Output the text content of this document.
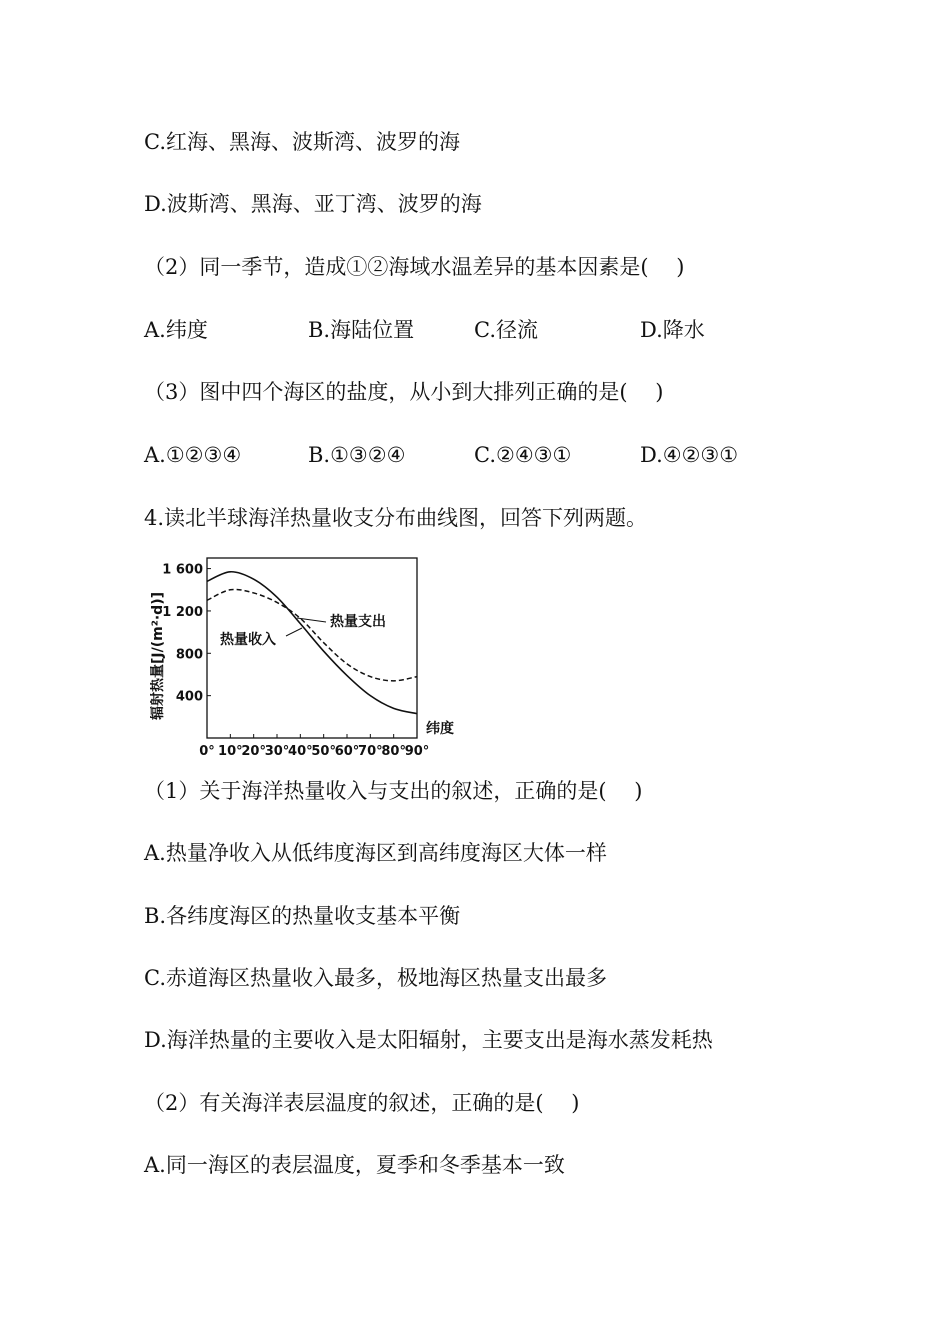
C.红海、黑海、波斯湾、波罗的海
D.波斯湾、黑海、亚丁湾、波罗的海
（2）同一季节，造成①②海域水温差异的基本因素是(　 )
A.纬度	B.海陆位置	C.径流	D.降水
（3）图中四个海区的盐度，从小到大排列正确的是(　 )
A.①②③④	B.①③②④	C.②④③①	D.④②③①
4.读北半球海洋热量收支分布曲线图，回答下列两题。
辐射热量[J/(m²·d)]
1 600
1 200
800
400
0° 10°
20°
30°
40°
50°
60°
70°
80°
90°
热量支出
热量收入
纬度
（1）关于海洋热量收入与支出的叙述，正确的是(　 )
A.热量净收入从低纬度海区到高纬度海区大体一样
B.各纬度海区的热量收支基本平衡
C.赤道海区热量收入最多，极地海区热量支出最多
D.海洋热量的主要收入是太阳辐射，主要支出是海水蒸发耗热
（2）有关海洋表层温度的叙述，正确的是(　 )
A.同一海区的表层温度，夏季和冬季基本一致
